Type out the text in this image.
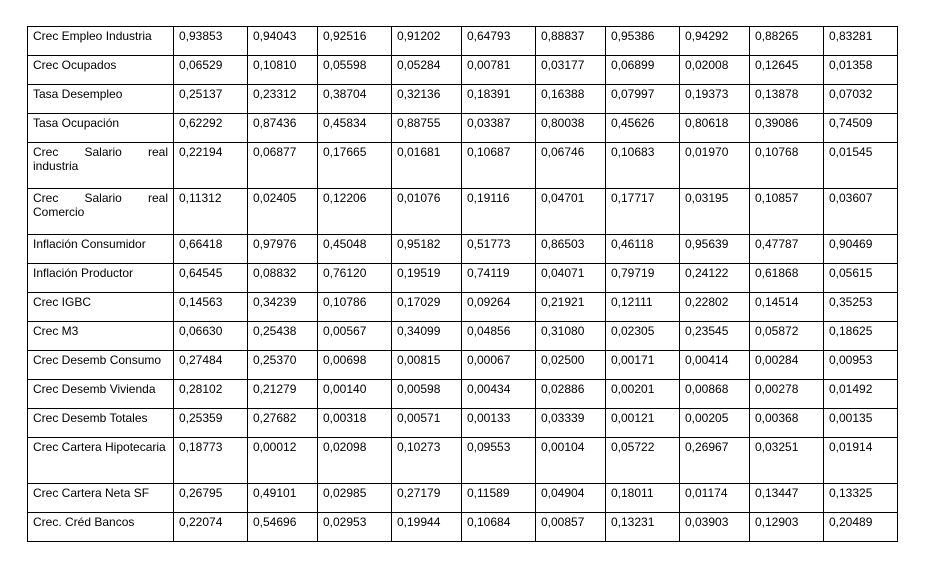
Crec Empleo Industria	0,93853	0,94043	0,92516	0,91202	0,64793	0,88837	0,95386	0,94292	0,88265	0,83281
Crec Ocupados	0,06529	0,10810	0,05598	0,05284	0,00781	0,03177	0,06899	0,02008	0,12645	0,01358
Tasa Desempleo	0,25137	0,23312	0,38704	0,32136	0,18391	0,16388	0,07997	0,19373	0,13878	0,07032
Tasa Ocupación	0,62292	0,87436	0,45834	0,88755	0,03387	0,80038	0,45626	0,80618	0,39086	0,74509
Crec Salario real industria	0,22194	0,06877	0,17665	0,01681	0,10687	0,06746	0,10683	0,01970	0,10768	0,01545
Crec Salario real Comercio	0,11312	0,02405	0,12206	0,01076	0,19116	0,04701	0,17717	0,03195	0,10857	0,03607
Inflación Consumidor	0,66418	0,97976	0,45048	0,95182	0,51773	0,86503	0,46118	0,95639	0,47787	0,90469
Inflación Productor	0,64545	0,08832	0,76120	0,19519	0,74119	0,04071	0,79719	0,24122	0,61868	0,05615
Crec IGBC	0,14563	0,34239	0,10786	0,17029	0,09264	0,21921	0,12111	0,22802	0,14514	0,35253
Crec M3	0,06630	0,25438	0,00567	0,34099	0,04856	0,31080	0,02305	0,23545	0,05872	0,18625
Crec Desemb Consumo	0,27484	0,25370	0,00698	0,00815	0,00067	0,02500	0,00171	0,00414	0,00284	0,00953
Crec Desemb Vivienda	0,28102	0,21279	0,00140	0,00598	0,00434	0,02886	0,00201	0,00868	0,00278	0,01492
Crec Desemb Totales	0,25359	0,27682	0,00318	0,00571	0,00133	0,03339	0,00121	0,00205	0,00368	0,00135
Crec Cartera Hipotecaria	0,18773	0,00012	0,02098	0,10273	0,09553	0,00104	0,05722	0,26967	0,03251	0,01914
Crec Cartera Neta SF	0,26795	0,49101	0,02985	0,27179	0,11589	0,04904	0,18011	0,01174	0,13447	0,13325
Crec. Créd Bancos	0,22074	0,54696	0,02953	0,19944	0,10684	0,00857	0,13231	0,03903	0,12903	0,20489
